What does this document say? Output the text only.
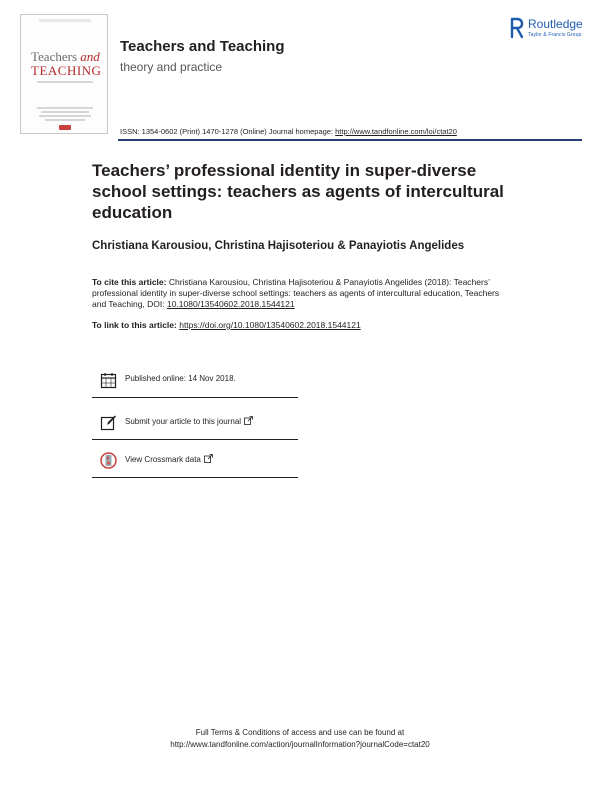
Teachers and
TEACHING
Teachers and Teaching
theory and practice
Routledge
Taylor & Francis Group
ISSN: 1354-0602 (Print) 1470-1278 (Online) Journal homepage: http://www.tandfonline.com/loi/ctat20
Teachers’ professional identity in super-diverse school settings: teachers as agents of intercultural education
Christiana Karousiou, Christina Hajisoteriou & Panayiotis Angelides
To cite this article: Christiana Karousiou, Christina Hajisoteriou & Panayiotis Angelides (2018): Teachers’ professional identity in super-diverse school settings: teachers as agents of intercultural education, Teachers and Teaching, DOI: 10.1080/13540602.2018.1544121
To link to this article: https://doi.org/10.1080/13540602.2018.1544121
Published online: 14 Nov 2018.
Submit your article to this journal
View Crossmark data
Full Terms & Conditions of access and use can be found at
http://www.tandfonline.com/action/journalInformation?journalCode=ctat20
